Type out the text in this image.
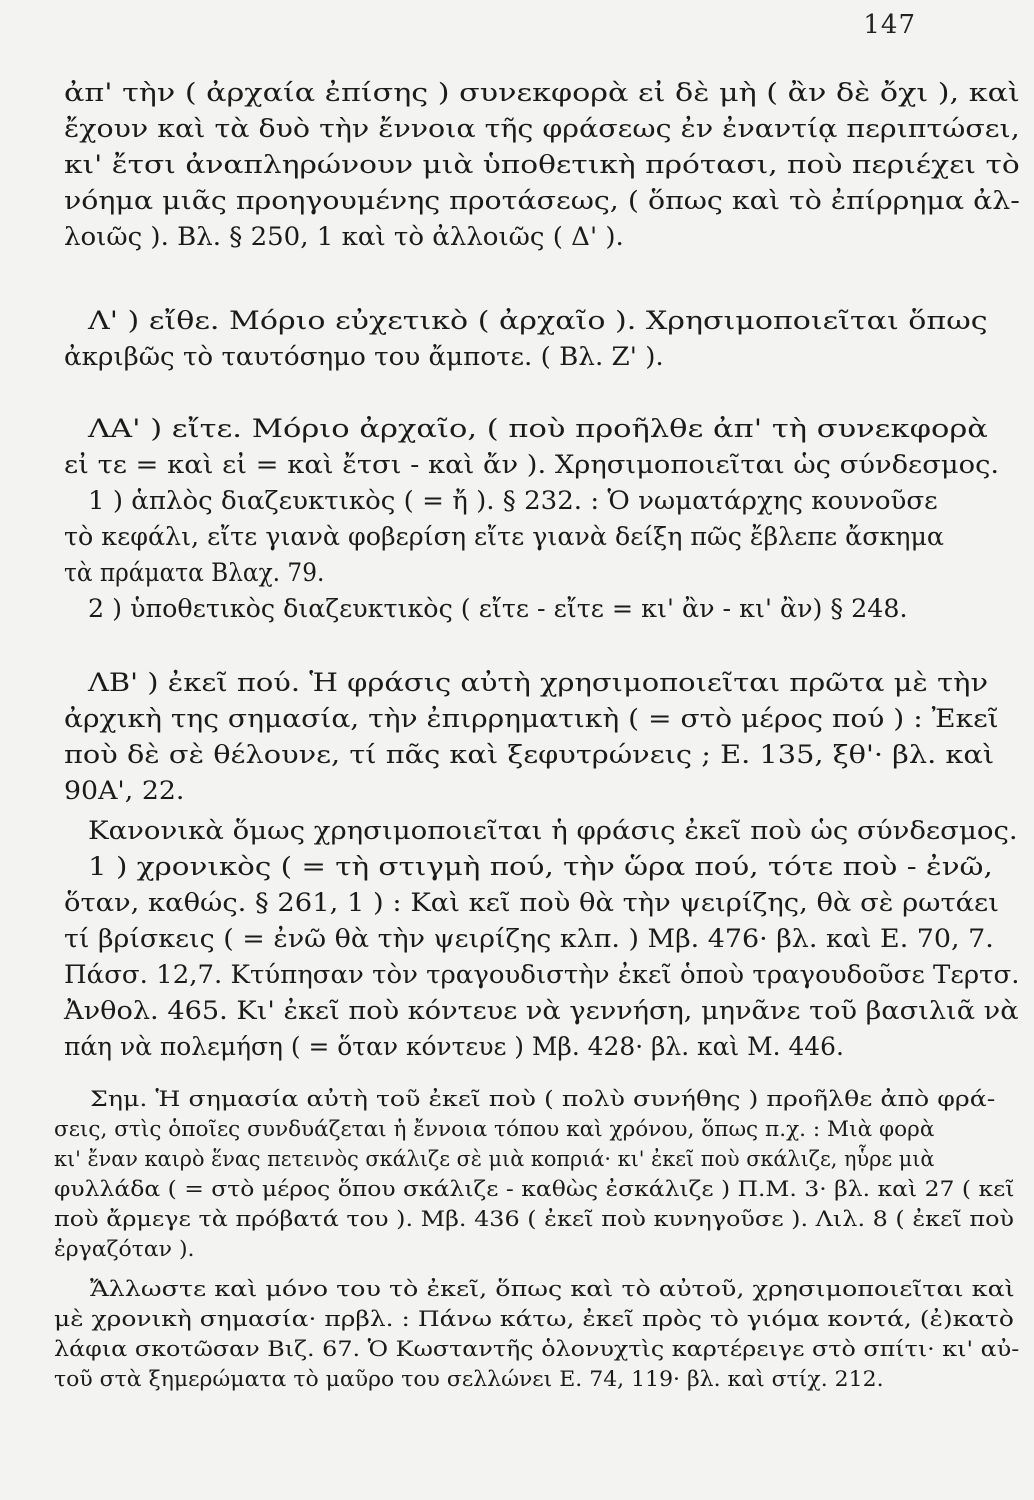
147
ἀπ' τὴν ( ἀρχαία ἐπίσης ) συνεκφορὰ εἰ δὲ μὴ ( ἂν δὲ ὄχι ), καὶ
ἔχουν καὶ τὰ δυὸ τὴν ἔννοια τῆς φράσεως ἐν ἐναντίᾳ περιπτώσει,
κι' ἔτσι ἀναπληρώνουν μιὰ ὑποθετικὴ πρότασι, ποὺ περιέχει τὸ
νόημα μιᾶς προηγουμένης προτάσεως, ( ὅπως καὶ τὸ ἐπίρρημα ἀλ-
λοιῶς ). Βλ. § 250, 1 καὶ τὸ ἀλλοιῶς ( Δ' ).
Λ' ) εἴθε. Μόριο εὐχετικὸ ( ἀρχαῖο ). Χρησιμοποιεῖται ὅπως
ἀκριβῶς τὸ ταυτόσημο του ἄμποτε. ( Βλ. Ζ' ).
ΛΑ' ) εἴτε. Μόριο ἀρχαῖο, ( ποὺ προῆλθε ἀπ' τὴ συνεκφορὰ
εἰ τε = καὶ εἰ = καὶ ἔτσι - καὶ ἄν ). Χρησιμοποιεῖται ὡς σύνδεσμος.
1 ) ἁπλὸς διαζευκτικὸς ( = ἤ ). § 232. : Ὁ νωματάρχης κουνοῦσε
τὸ κεφάλι, εἴτε γιανὰ φοβερίση εἴτε γιανὰ δείξη πῶς ἔβλεπε ἄσκημα
τὰ πράματα Βλαχ. 79.
2 ) ὑποθετικὸς διαζευκτικὸς ( εἴτε - εἴτε = κι' ἂν - κι' ἂν) § 248.
ΛΒ' ) ἐκεῖ πού. Ἡ φράσις αὐτὴ χρησιμοποιεῖται πρῶτα μὲ τὴν
ἀρχικὴ της σημασία, τὴν ἐπιρρηματικὴ ( = στὸ μέρος πού ) : Ἐκεῖ
ποὺ δὲ σὲ θέλουνε, τί πᾶς καὶ ξεφυτρώνεις ; Ε. 135, ξθ'· βλ. καὶ
90Α', 22.
Κανονικὰ ὅμως χρησιμοποιεῖται ἡ φράσις ἐκεῖ ποὺ ὡς σύνδεσμος.
1 ) χρονικὸς ( = τὴ στιγμὴ πού, τὴν ὥρα πού, τότε ποὺ - ἐνῶ,
ὅταν, καθώς. § 261, 1 ) : Καὶ κεῖ ποὺ θὰ τὴν ψειρίζης, θὰ σὲ ρωτάει
τί βρίσκεις ( = ἐνῶ θὰ τὴν ψειρίζης κλπ. ) Μβ. 476· βλ. καὶ Ε. 70, 7.
Πάσσ. 12,7. Κτύπησαν τὸν τραγουδιστὴν ἐκεῖ ὁποὺ τραγουδοῦσε Τερτσ.
Ἀνθολ. 465. Κι' ἐκεῖ ποὺ κόντευε νὰ γεννήση, μηνᾶνε τοῦ βασιλιᾶ νὰ
πάη νὰ πολεμήση ( = ὅταν κόντευε ) Μβ. 428· βλ. καὶ Μ. 446.
Σημ. Ἡ σημασία αὐτὴ τοῦ ἐκεῖ ποὺ ( πολὺ συνήθης ) προῆλθε ἀπὸ φρά-
σεις, στὶς ὁποῖες συνδυάζεται ἡ ἔννοια τόπου καὶ χρόνου, ὅπως π.χ. : Μιὰ φορὰ
κι' ἔναν καιρὸ ἕνας πετεινὸς σκάλιζε σὲ μιὰ κοπριά· κι' ἐκεῖ ποὺ σκάλιζε, ηὗρε μιὰ
φυλλάδα ( = στὸ μέρος ὅπου σκάλιζε - καθὼς ἐσκάλιζε ) Π.Μ. 3· βλ. καὶ 27 ( κεῖ
ποὺ ἄρμεγε τὰ πρόβατά του ). Μβ. 436 ( ἐκεῖ ποὺ κυνηγοῦσε ). Λιλ. 8 ( ἐκεῖ ποὺ
ἐργαζόταν ).
Ἄλλωστε καὶ μόνο του τὸ ἐκεῖ, ὅπως καὶ τὸ αὐτοῦ, χρησιμοποιεῖται καὶ
μὲ χρονικὴ σημασία· πρβλ. : Πάνω κάτω, ἐκεῖ πρὸς τὸ γιόμα κοντά, (ἐ)κατὸ
λάφια σκοτῶσαν Βιζ. 67. Ὁ Κωσταντῆς ὁλονυχτὶς καρτέρειγε στὸ σπίτι· κι' αὐ-
τοῦ στὰ ξημερώματα τὸ μαῦρο του σελλώνει Ε. 74, 119· βλ. καὶ στίχ. 212.
